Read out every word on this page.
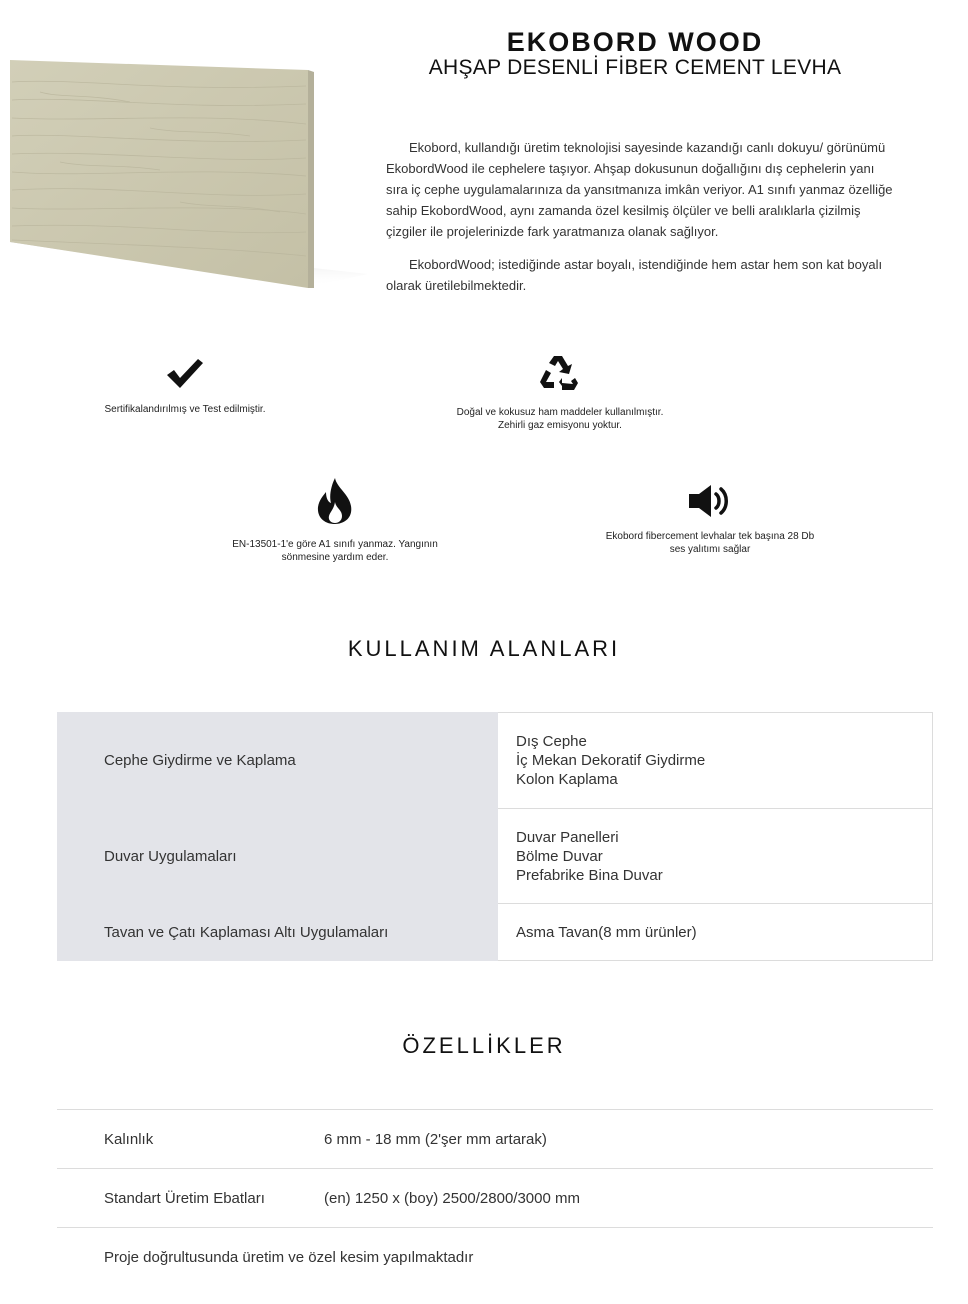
EKOBORD WOOD
AHŞAP DESENLİ FİBER CEMENT LEVHA

Ekobord, kullandığı üretim teknolojisi sayesinde kazandığı canlı dokuyu/ görünümü EkobordWood ile cephelere taşıyor. Ahşap dokusunun doğallığını dış cephelerin yanı sıra iç cephe uygulamalarınıza da yansıtmanıza imkân veriyor. A1 sınıfı yanmaz özelliğe sahip EkobordWood, aynı zamanda özel kesilmiş ölçüler ve belli aralıklarla çizilmiş çizgiler ile projelerinizde fark yaratmanıza olanak sağlıyor.

EkobordWood; istediğinde astar boyalı, istendiğinde hem astar hem son kat boyalı olarak üretilebilmektedir.

Sertifikalandırılmış ve Test edilmiştir.	Doğal ve kokusuz ham maddeler kullanılmıştır.
Zehirli gaz emisyonu yoktur.
EN-13501-1'e göre A1 sınıfı yanmaz. Yangının
sönmesine yardım eder.
Ekobord fibercement levhalar tek başına 28 Db
ses yalıtımı sağlar
KULLANIM ALANLARI
Cephe Giydirme ve Kaplama	Dış Cephe
İç Mekan Dekoratif Giydirme
Kolon Kaplama

Duvar Uygulamaları	Duvar Panelleri
Bölme Duvar
Prefabrike Bina Duvar

Tavan ve Çatı Kaplaması Altı Uygulamaları	Asma Tavan(8 mm ürünler)
ÖZELLİKLER
Kalınlık	6 mm - 18 mm (2'şer mm artarak)
Standart Üretim Ebatları	(en) 1250 x (boy) 2500/2800/3000 mm
Proje doğrultusunda üretim ve özel kesim yapılmaktadır	
